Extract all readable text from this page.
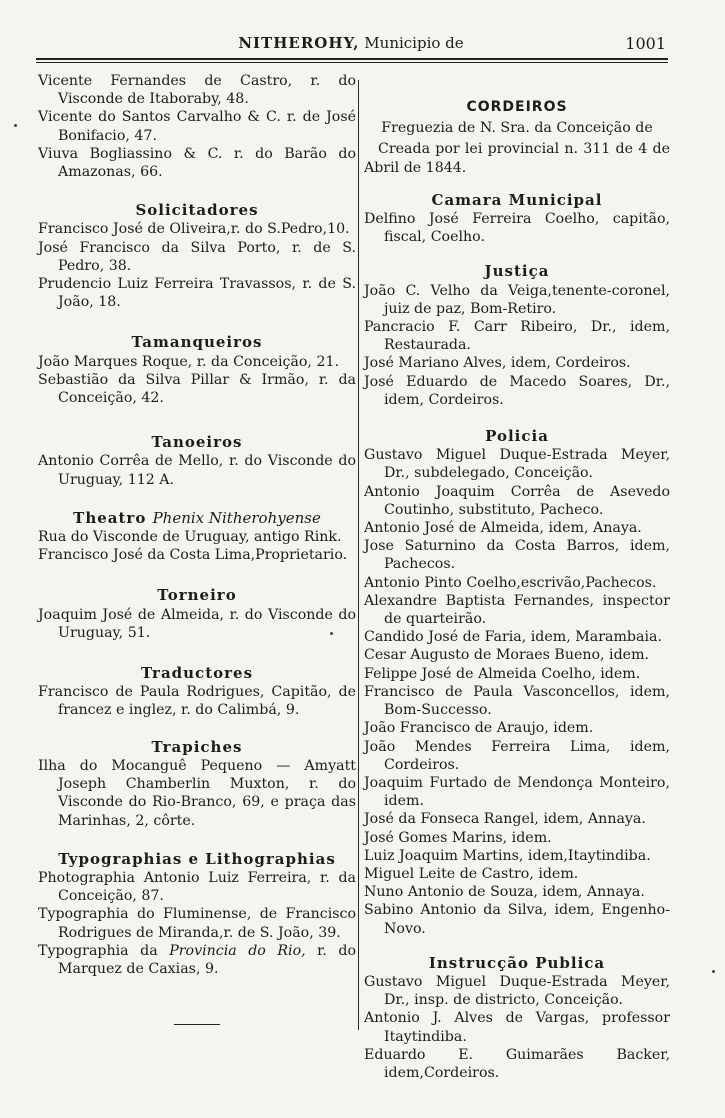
NITHEROHY, Municipio de	1001

Vicente Fernandes de Castro, r. do Visconde de Itaboraby, 48.

Vicente do Santos Carvalho & C. r. de José Bonifacio, 47.

Viuva Bogliassino & C. r. do Barão do Amazonas, 66.

Solicitadores

Francisco José de Oliveira,r. do S.Pedro,10.

José Francisco da Silva Porto, r. de S. Pedro, 38.

Prudencio Luiz Ferreira Travassos, r. de S. João, 18.

Tamanqueiros

João Marques Roque, r. da Conceição, 21.

Sebastião da Silva Pillar & Irmão, r. da Conceição, 42.

Tanoeiros

Antonio Corrêa de Mello, r. do Visconde do Uruguay, 112 A.

Theatro Phenix Nitherohyense

Rua do Visconde de Uruguay, antigo Rink.

Francisco José da Costa Lima,Proprietario.

Torneiro

Joaquim José de Almeida, r. do Visconde do Uruguay, 51.

Traductores

Francisco de Paula Rodrigues, Capitão, de francez e inglez, r. do Calimbá, 9.

Trapiches

Ilha do Mocanguê Pequeno — Amyatt Joseph Chamberlin Muxton, r. do Visconde do Rio-Branco, 69, e praça das Marinhas, 2, côrte.

Typographias e Lithographias

Photographia Antonio Luiz Ferreira, r. da Conceição, 87.

Typographia do Fluminense, de Francisco Rodrigues de Miranda,r. de S. João, 39.

Typographia da Provincia do Rio, r. do Marquez de Caxias, 9.

CORDEIROS

Freguezia de N. Sra. da Conceição de

Creada por lei provincial n. 311 de 4 de Abril de 1844.

Camara Municipal

Delfino José Ferreira Coelho, capitão, fiscal, Coelho.

Justiça

João C. Velho da Veiga,tenente-coronel, juiz de paz, Bom-Retiro.

Pancracio F. Carr Ribeiro, Dr., idem, Restaurada.

José Mariano Alves, idem, Cordeiros.

José Eduardo de Macedo Soares, Dr., idem, Cordeiros.

Policia

Gustavo Miguel Duque-Estrada Meyer, Dr., subdelegado, Conceição.

Antonio Joaquim Corrêa de Asevedo Coutinho, substituto, Pacheco.

Antonio José de Almeida, idem, Anaya.

Jose Saturnino da Costa Barros, idem, Pachecos.

Antonio Pinto Coelho,escrivão,Pachecos.

Alexandre Baptista Fernandes, inspector de quarteirão.

Candido José de Faria, idem, Marambaia.

Cesar Augusto de Moraes Bueno, idem.

Felippe José de Almeida Coelho, idem.

Francisco de Paula Vasconcellos, idem, Bom-Successo.

João Francisco de Araujo, idem.

João Mendes Ferreira Lima, idem, Cordeiros.

Joaquim Furtado de Mendonça Monteiro, idem.

José da Fonseca Rangel, idem, Annaya.

José Gomes Marins, idem.

Luiz Joaquim Martins, idem,Itaytindiba.

Miguel Leite de Castro, idem.

Nuno Antonio de Souza, idem, Annaya.

Sabino Antonio da Silva, idem, Engenho-Novo.

Instrucção Publica

Gustavo Miguel Duque-Estrada Meyer, Dr., insp. de districto, Conceição.

Antonio J. Alves de Vargas, professor Itaytindiba.

Eduardo E. Guimarães Backer, idem,Cordeiros.
